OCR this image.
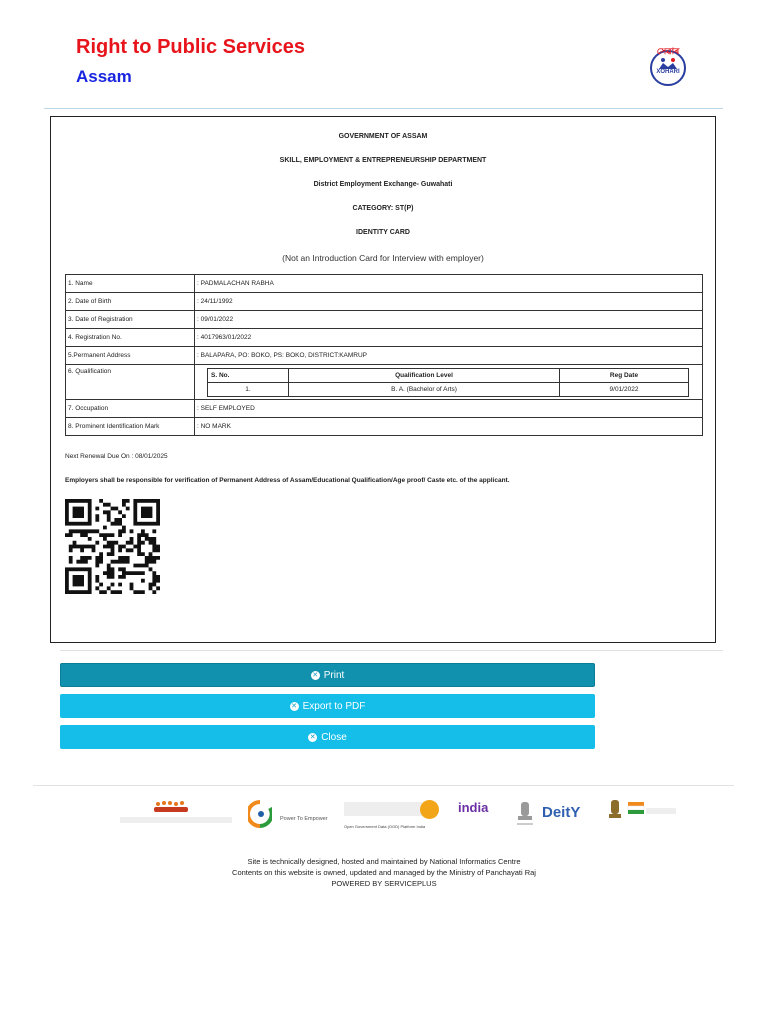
Right to Public Services
Assam
সেৱাৰ
XOHARI
GOVERNMENT OF ASSAM
SKILL, EMPLOYMENT & ENTREPRENEURSHIP DEPARTMENT
District Employment Exchange- Guwahati
CATEGORY: ST(P)
IDENTITY CARD
(Not an Introduction Card for Interview with employer)
1. Name	: PADMALACHAN RABHA
2. Date of Birth	: 24/11/1992
3. Date of Registration	: 09/01/2022
4. Registration No.	: 4017963/01/2022
5.Permanent Address	: BALAPARA, PO: BOKO, PS: BOKO, DISTRICT:KAMRUP
6. Qualification	
S. No.	Qualification Level	Reg Date
1.	B. A. (Bachelor of Arts)	9/01/2022

7. Occupation	: SELF EMPLOYED
8. Prominent Identification Mark	: NO MARK
Next Renewal Due On : 08/01/2025
Employers shall be responsible for verification of Permanent Address of Assam/Educational Qualification/Age proof/ Caste etc. of the applicant.
✕ Print
✕ Export to PDF
✕ Close
Power To Empower
Open Government Data (OGD) Platform India
india	DeitY
Site is technically designed, hosted and maintained by National Informatics Centre
Contents on this website is owned, updated and managed by the Ministry of Panchayati Raj
POWERED BY SERVICEPLUS
